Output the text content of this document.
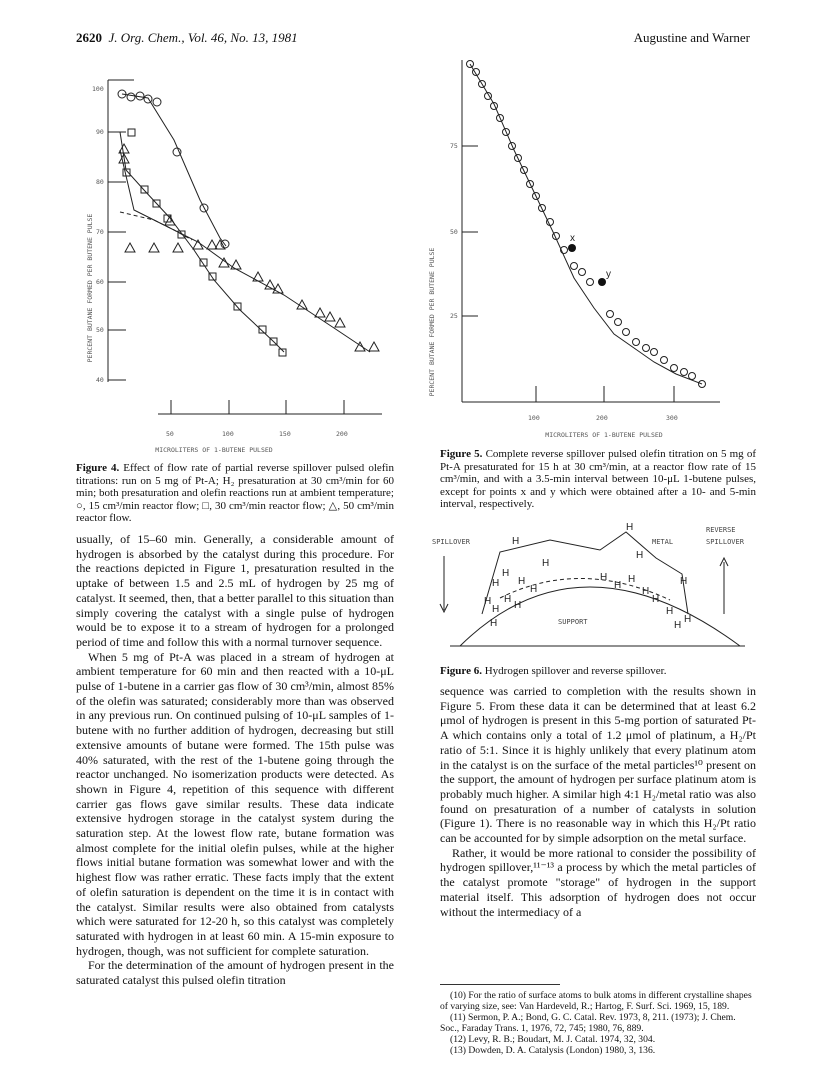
2620 J. Org. Chem., Vol. 46, No. 13, 1981	Augustine and Warner
PERCENT BUTANE FORMED PER BUTENE PULSE
100
90
80
70
60
50
40
50	100	150	200
MICROLITERS OF 1-BUTENE PULSED
Figure 4. Effect of flow rate of partial reverse spillover pulsed olefin titrations: run on 5 mg of Pt-A; H₂ presaturation at 30 cm³/min for 60 min; both presaturation and olefin reactions run at ambient temperature; ○, 15 cm³/min reactor flow; □, 30 cm³/min reactor flow; △, 50 cm³/min reactor flow.
PERCENT BUTANE FORMED PER BUTENE PULSE
75
50
25
100	200	300
MICROLITERS OF 1-BUTENE PULSED
x
y
Figure 5. Complete reverse spillover pulsed olefin titration on 5 mg of Pt-A presaturated for 15 h at 30 cm³/min, at a reactor flow rate of 15 cm³/min, and with a 3.5-min interval between 10-μL 1-butene pulses, except for points x and y which were obtained after a 10- and 5-min interval, respectively.
SPILLOVER
REVERSE
SPILLOVER
METAL
SUPPORT
H
H
H
H
H
H
H
H
H
H
H
H
H
H
H
H
H
H
H
H	H
H
Figure 6. Hydrogen spillover and reverse spillover.

usually, of 15–60 min. Generally, a considerable amount of hydrogen is absorbed by the catalyst during this procedure. For the reactions depicted in Figure 1, presaturation resulted in the uptake of between 1.5 and 2.5 mL of hydrogen by 25 mg of catalyst. It seemed, then, that a better parallel to this situation than simply covering the catalyst with a single pulse of hydrogen would be to expose it to a stream of hydrogen for a prolonged period of time and follow this with a normal turnover sequence.

When 5 mg of Pt-A was placed in a stream of hydrogen at ambient temperature for 60 min and then reacted with a 10-μL pulse of 1-butene in a carrier gas flow of 30 cm³/min, almost 85% of the olefin was saturated; considerably more than was observed in any previous run. On continued pulsing of 10-μL samples of 1-butene with no further addition of hydrogen, decreasing but still extensive amounts of butane were formed. The 15th pulse was 40% saturated, with the rest of the 1-butene going through the reactor unchanged. No isomerization products were detected. As shown in Figure 4, repetition of this sequence with different carrier gas flows gave similar results. These data indicate extensive hydrogen storage in the catalyst system during the saturation step. At the lowest flow rate, butane formation was almost complete for the initial olefin pulses, while at the higher flows initial butane formation was somewhat lower and with the highest flow was rather erratic. These facts imply that the extent of olefin saturation is dependent on the time it is in contact with the catalyst. Similar results were also obtained from catalysts which were saturated for 12-20 h, so this catalyst was completely saturated with hydrogen in at least 60 min. A 15-min exposure to hydrogen, though, was not sufficient for complete saturation.

For the determination of the amount of hydrogen present in the saturated catalyst this pulsed olefin titration

sequence was carried to completion with the results shown in Figure 5. From these data it can be determined that at least 6.2 μmol of hydrogen is present in this 5-mg portion of saturated Pt-A which contains only a total of 1.2 μmol of platinum, a H₂/Pt ratio of 5:1. Since it is highly unlikely that every platinum atom in the catalyst is on the surface of the metal particles¹⁰ present on the support, the amount of hydrogen per surface platinum atom is probably much higher. A similar high 4:1 H₂/metal ratio was also found on presaturation of a number of catalysts in solution (Figure 1). There is no reasonable way in which this H₂/Pt ratio can be accounted for by simple adsorption on the metal surface.

Rather, it would be more rational to consider the possibility of hydrogen spillover,¹¹⁻¹³ a process by which the metal particles of the catalyst promote "storage" of hydrogen in the support material itself. This adsorption of hydrogen does not occur without the intermediacy of a

(10) For the ratio of surface atoms to bulk atoms in different crystalline shapes of varying size, see: Van Hardeveld, R.; Hartog, F. Surf. Sci. 1969, 15, 189.
(11) Sermon, P. A.; Bond, G. C. Catal. Rev. 1973, 8, 211. (1973); J. Chem. Soc., Faraday Trans. 1, 1976, 72, 745; 1980, 76, 889.
(12) Levy, R. B.; Boudart, M. J. Catal. 1974, 32, 304.
(13) Dowden, D. A. Catalysis (London) 1980, 3, 136.
